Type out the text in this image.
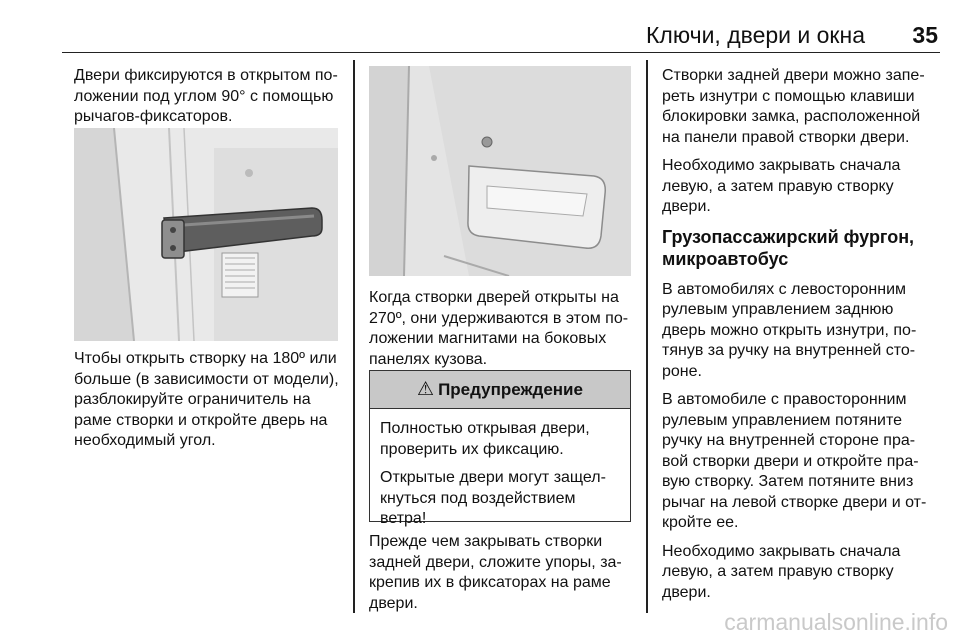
Ключи, двери и окна 35

Двери фиксируются в открытом положении под углом 90° с помощью рычагов-фиксаторов.

Чтобы открыть створку на 180º или больше (в зависимости от модели), разблокируйте ограничитель на раме створки и откройте дверь на необходимый угол.

Когда створки дверей открыты на 270º, они удерживаются в этом положении магнитами на боковых панелях кузова.

⚠ Предупреждение

Полностью открывая двери, проверить их фиксацию.

Открытые двери могут защелкнуться под воздействием ветра!

Прежде чем закрывать створки задней двери, сложите упоры, закрепив их в фиксаторах на раме двери.

Створки задней двери можно запереть изнутри с помощью клавиши блокировки замка, расположенной на панели правой створки двери.

Необходимо закрывать сначала левую, а затем правую створку двери.

Грузопассажирский фургон, микроавтобус

В автомобилях с левосторонним рулевым управлением заднюю дверь можно открыть изнутри, потянув за ручку на внутренней стороне.

В автомобиле с правосторонним рулевым управлением потяните ручку на внутренней стороне правой створки двери и откройте правую створку. Затем потяните вниз рычаг на левой створке двери и откройте ее.

Необходимо закрывать сначала левую, а затем правую створку двери.

carmanualsonline.info
